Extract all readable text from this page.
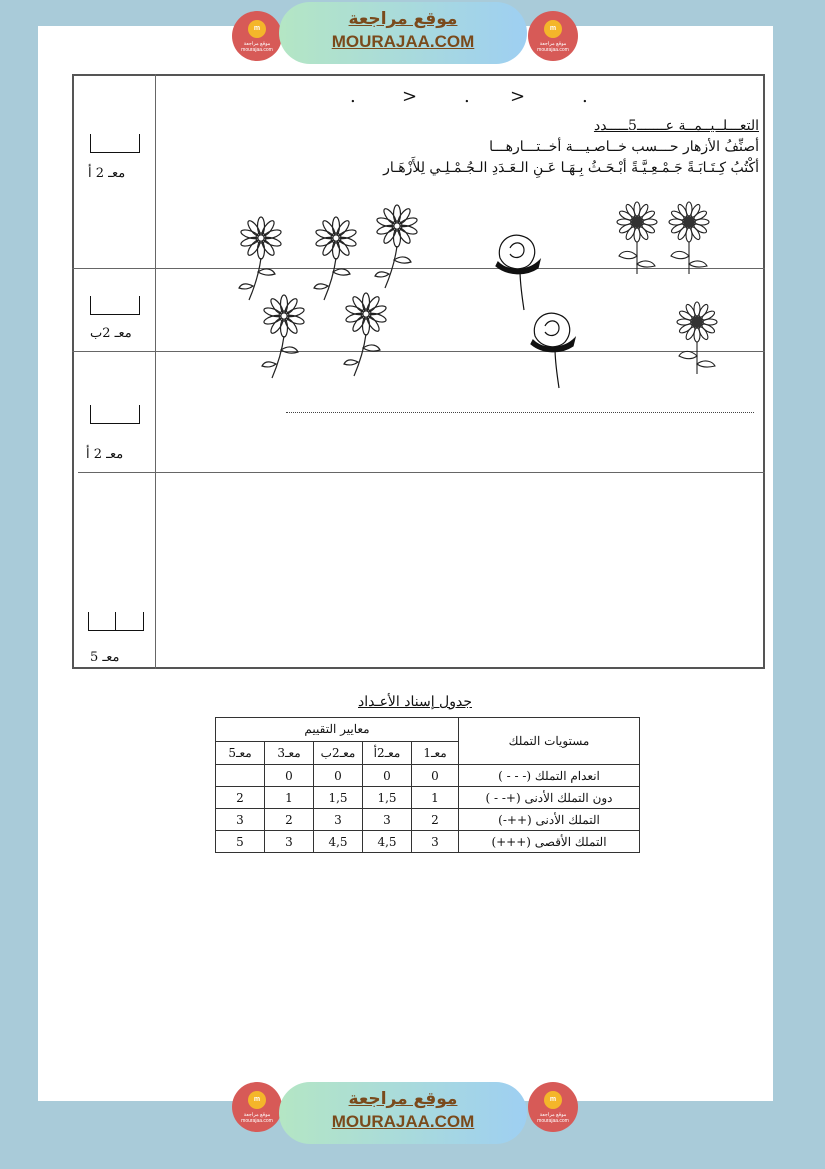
m
موقع مراجعة mourajaa.com
موقع مراجعة
MOURAJAA.COM
m
موقع مراجعة mourajaa.com
معـ 2 أ
معـ 2ب
معـ 2 أ
معـ 5
.	>	. >	.
التعـــلــيــمــة عـــــــ5ـــــدد
أصنِّفُ الأزهار حـــسب خــاصـيـــة أخــتـــارهـــا
أكْتُبُ كِـتَـابَـةً جَـمْـعِـيَّـةً أبْـحَـثُ بِـهَـا عَـنِ الـعَـدَدِ الـجُـمْـلِـي لِلأَزْهَـار
جدول إسناد الأعـداد
مستويات التملك	معايير التقييم				
	معـ1	معـ2أ	معـ2ب	معـ3	معـ5
انعدام التملك (- - - )	0	0	0	0	
دون التملك الأدنى (+- - )	1	1,5	1,5	1	2
التملك الأدنى (++-)	2	3	3	2	3
التملك الأقصى (+++)	3	4,5	4,5	3	5
m
موقع مراجعة mourajaa.com
موقع مراجعة
MOURAJAA.COM
m
موقع مراجعة mourajaa.com
